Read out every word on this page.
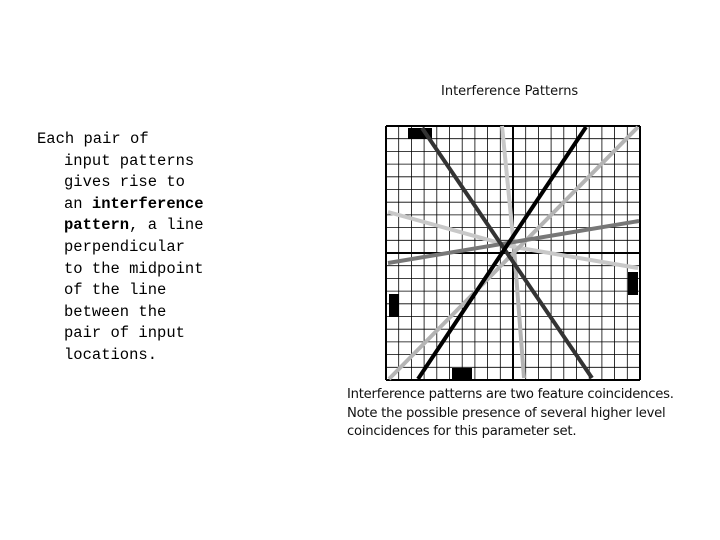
Each pair of
input patterns
gives rise to
an interference
pattern, a line
perpendicular
to the midpoint
of the line
between the
pair of input
locations.
Interference Patterns
Interference patterns are two feature coincidences.
Note the possible presence of several higher level
coincidences for this parameter set.
